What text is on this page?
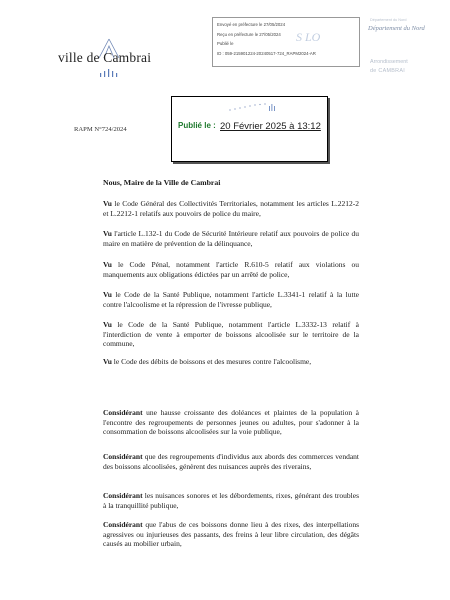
ville de Cambrai
Envoyé en préfecture le 27/05/2024
Reçu en préfecture le 27/05/2024
Publié le
ID : 059-215901224-20240517-724_RAPM2024-AR
S LO
Département du Nord
Département du Nord
Arrondissement
de CAMBRAI
RAPM N°724/2024	Publié le : 20 Février 2025 à 13:12
Nous, Maire de la Ville de Cambrai
Vu le Code Général des Collectivités Territoriales, notamment les articles L.2212-2 et L.2212-1 relatifs aux pouvoirs de police du maire,
Vu l'article L.132-1 du Code de Sécurité Intérieure relatif aux pouvoirs de police du maire en matière de prévention de la délinquance,
Vu le Code Pénal, notamment l'article R.610-5 relatif aux violations ou manquements aux obligations édictées par un arrêté de police,
Vu le Code de la Santé Publique, notamment l'article L.3341-1 relatif à la lutte contre l'alcoolisme et la répression de l'ivresse publique,
Vu le Code de la Santé Publique, notamment l'article L.3332-13 relatif à l'interdiction de vente à emporter de boissons alcoolisée sur le territoire de la commune,
Vu le Code des débits de boissons et des mesures contre l'alcoolisme,
Considérant une hausse croissante des doléances et plaintes de la population à l'encontre des regroupements de personnes jeunes ou adultes, pour s'adonner à la consommation de boissons alcoolisées sur la voie publique,
Considérant que des regroupements d'individus aux abords des commerces vendant des boissons alcoolisées, génèrent des nuisances auprès des riverains,
Considérant les nuisances sonores et les débordements, rixes, générant des troubles à la tranquillité publique,
Considérant que l'abus de ces boissons donne lieu à des rixes, des interpellations agressives ou injurieuses des passants, des freins à leur libre circulation, des dégâts causés au mobilier urbain,
